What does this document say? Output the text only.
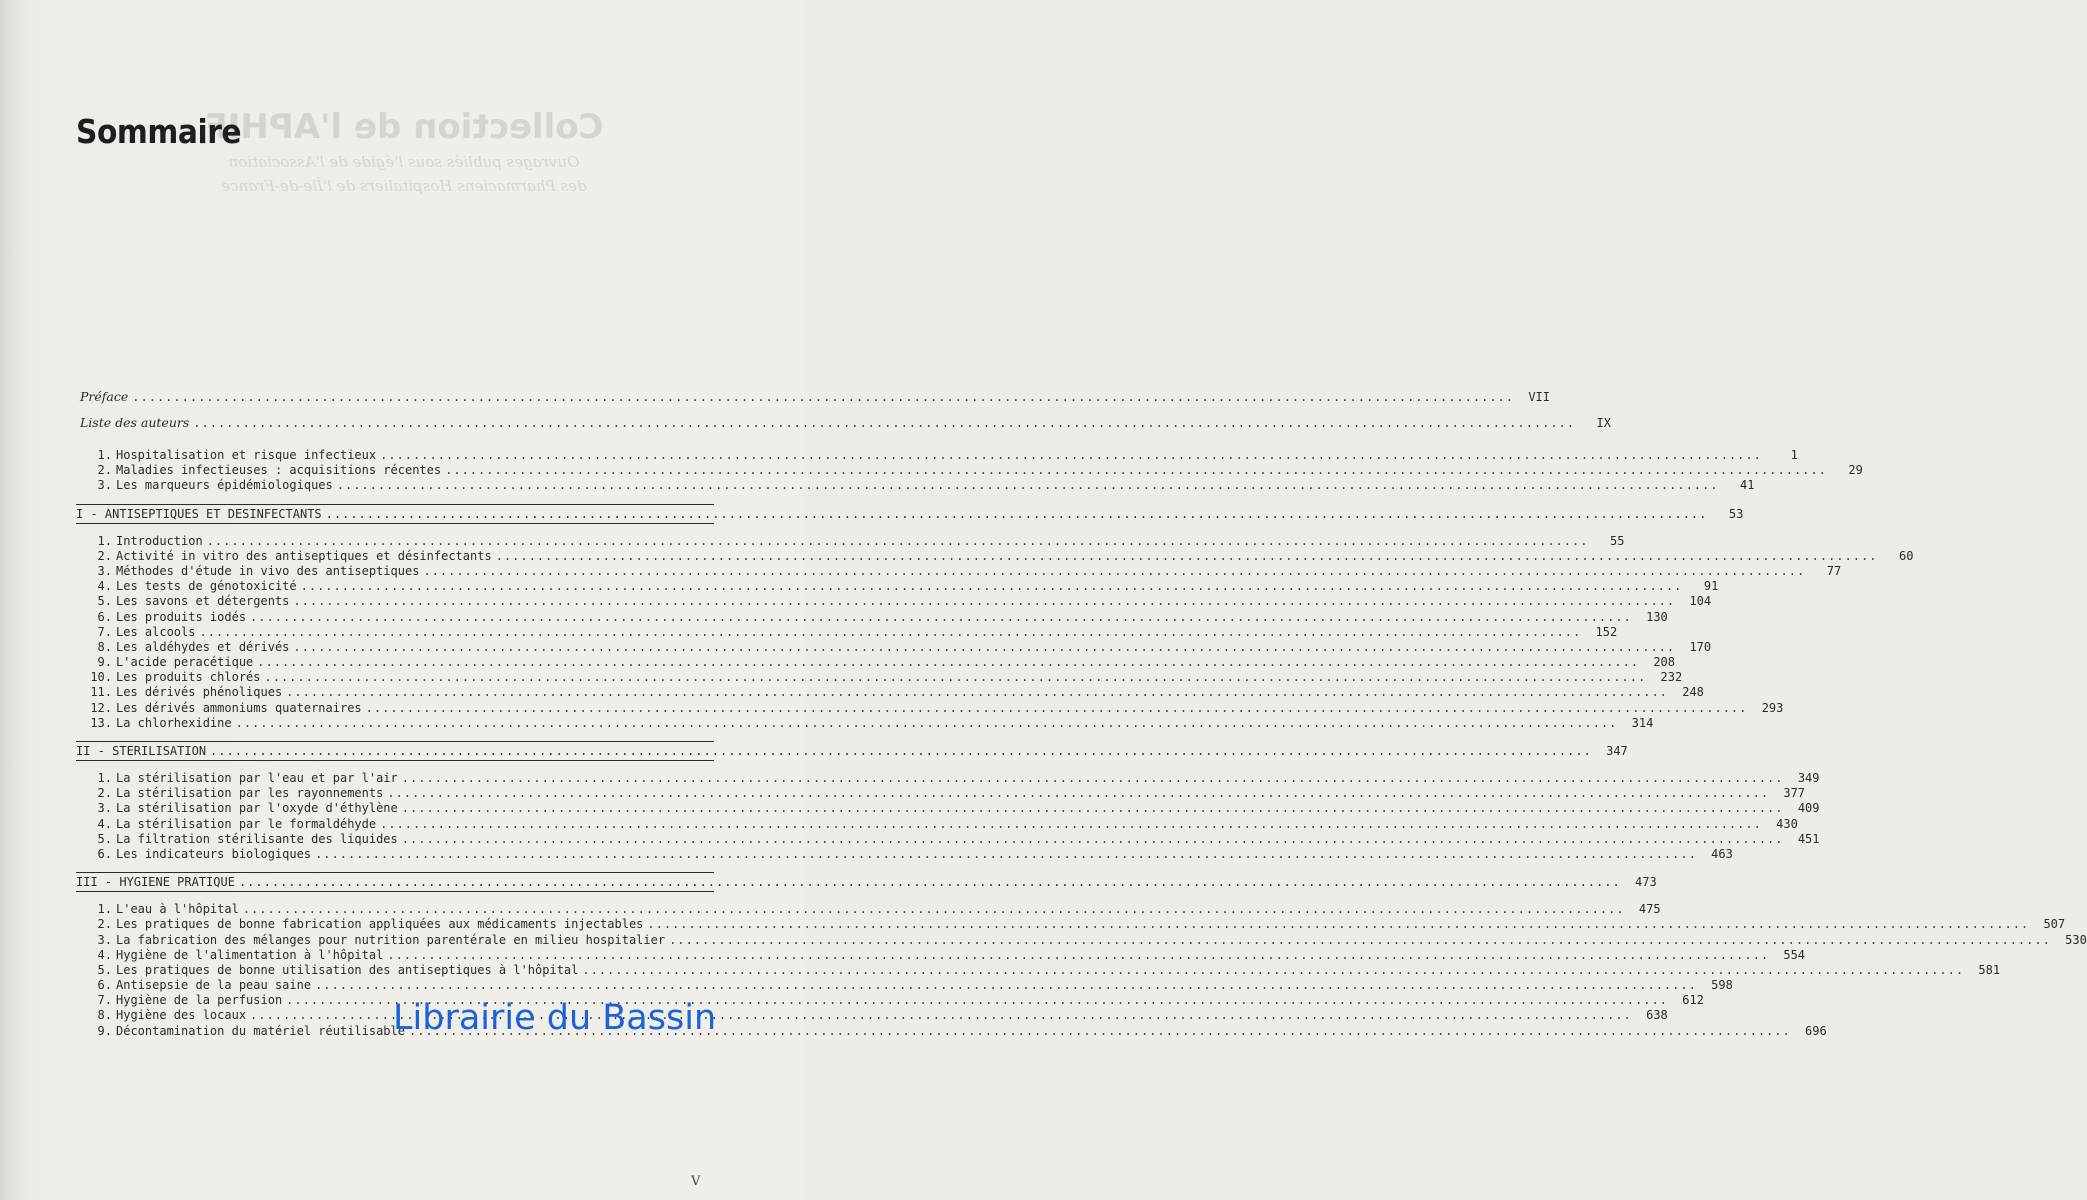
Collection de l'APHIF
Ouvrages publiés sous l'égide de l'Association
des Pharmaciens Hospitaliers de l'Île-de-France
Sommaire
Préface .....	VII
Liste des auteurs .....	IX
1. Hospitalisation et risque infectieux .....	1
2. Maladies infectieuses : acquisitions récentes .....	29
3. Les marqueurs épidémiologiques .....	41
I - ANTISEPTIQUES ET DESINFECTANTS .....	53
1. Introduction .....	55
2. Activité in vitro des antiseptiques et désinfectants .....	60
3. Méthodes d'étude in vivo des antiseptiques .....	77
4. Les tests de génotoxicité .....	91
5. Les savons et détergents .....	104
6. Les produits iodés .....	130
7. Les alcools .....	152
8. Les aldéhydes et dérivés .....	170
9. L'acide peracétique .....	208
10. Les produits chlorés .....	232
11. Les dérivés phénoliques .....	248
12. Les dérivés ammoniums quaternaires .....	293
13. La chlorhexidine .....	314
II - STERILISATION .....	347
1. La stérilisation par l'eau et par l'air .....	349
2. La stérilisation par les rayonnements .....	377
3. La stérilisation par l'oxyde d'éthylène .....	409
4. La stérilisation par le formaldéhyde .....	430
5. La filtration stérilisante des liquides .....	451
6. Les indicateurs biologiques .....	463
III - HYGIENE PRATIQUE .....	473
1. L'eau à l'hôpital .....	475
2. Les pratiques de bonne fabrication appliquées aux médicaments injectables .....	507
3. La fabrication des mélanges pour nutrition parentérale en milieu hospitalier .....	530
4. Hygiène de l'alimentation à l'hôpital .....	554
5. Les pratiques de bonne utilisation des antiseptiques à l'hôpital .....	581
6. Antisepsie de la peau saine .....	598
7. Hygiène de la perfusion .....	612
8. Hygiène des locaux .....	638
9. Décontamination du matériel réutilisable .....	696
Librairie du Bassin
V
